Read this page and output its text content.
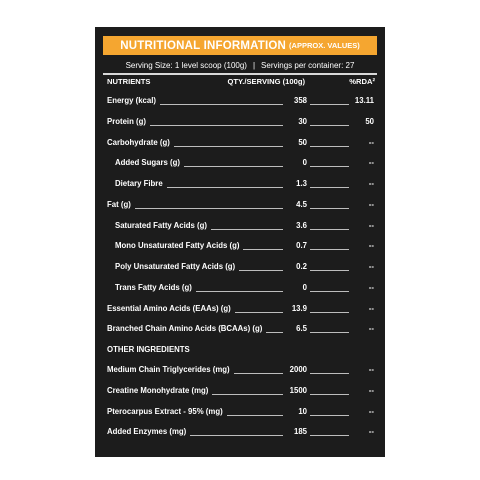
NUTRITIONAL INFORMATION (APPROX. VALUES)
Serving Size: 1 level scoop (100g) | Servings per container: 27
NUTRIENTS	QTY./SERVING (100g)	%RDA²
Energy (kcal)	358	13.11
Protein (g)	30	50
Carbohydrate (g)	50	--
Added Sugars (g)	0	--
Dietary Fibre	1.3	--
Fat (g)	4.5	--
Saturated Fatty Acids (g)	3.6	--
Mono Unsaturated Fatty Acids (g)	0.7	--
Poly Unsaturated Fatty Acids (g)	0.2	--
Trans Fatty Acids (g)	0	--
Essential Amino Acids (EAAs) (g)	13.9	--
Branched Chain Amino Acids (BCAAs) (g)	6.5	--
OTHER INGREDIENTS
Medium Chain Triglycerides (mg)	2000	--
Creatine Monohydrate (mg)	1500	--
Pterocarpus Extract - 95% (mg)	10	--
Added Enzymes (mg)	185	--
